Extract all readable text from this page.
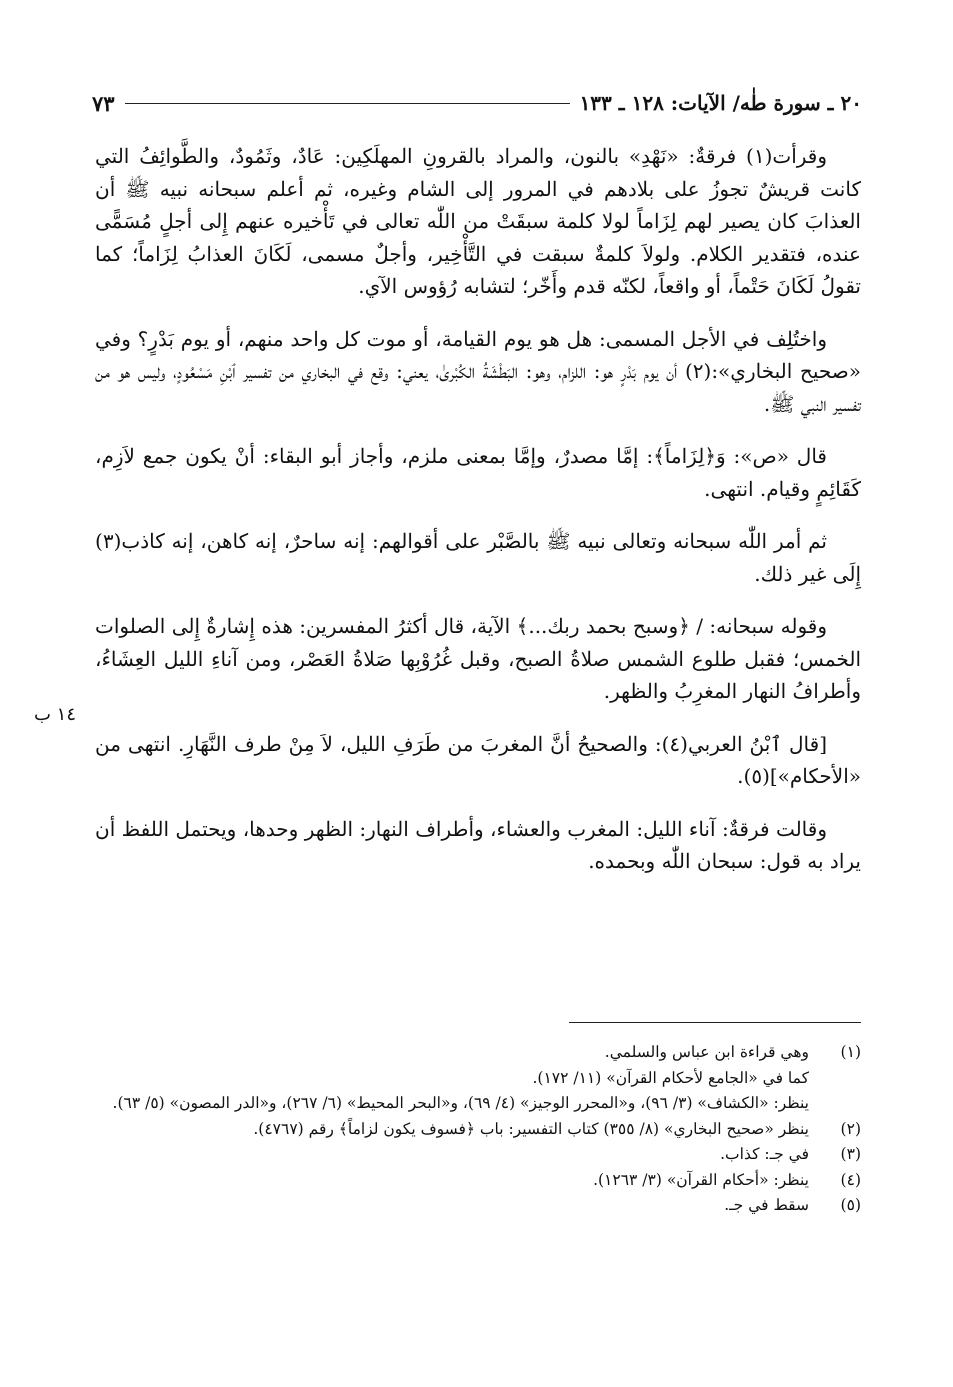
٢٠ ـ سورة طٰه/ الآيات: ١٢٨ ـ ١٣٣
٧٣
١٤ ب

وقرأت(١) فرقةٌ: «نَهْدِ» بالنون، والمراد بالقرونِ المهلَكِين: عَادٌ، وثَمُودٌ، والطَّوائِفُ التي كانت قريشٌ تجوزُ على بلادهم في المرور إلى الشام وغيره، ثم أعلم سبحانه نبيه ﷺ أن العذابَ كان يصير لهم لِزَاماً لولا كلمة سبقَتْ من اللّٰه تعالى في تَأْخيره عنهم إِلى أجلٍ مُسَمًّى عنده، فتقدير الكلام. ولولاَ كلمةٌ سبقت في التَّأْخِير، وأجلٌ مسمى، لَكَانَ العذابُ لِزَاماً؛ كما تقولُ لَكَانَ حَتْماً، أو واقعاً، لكنّه قدم وأَخّر؛ لتشابه رُؤوس الآي.

واختُلِف في الأجل المسمى: هل هو يوم القيامة، أو موت كل واحد منهم، أو يوم بَدْرٍ؟ وفي «صحيح البخاري»:(٢) أن يوم بَدْرٍ هو: اللزام، وهو: البَطْشَةُ الكُبْرىٰ، يعني: وقع في البخاري من تفسير ٱبْنِ مَسْعُودٍ، وليس هو من تفسير النبي ﷺ.

قال «ص»: وَ﴿لِزَاماً﴾: إمَّا مصدرٌ، وإمَّا بمعنى ملزم، وأجاز أبو البقاء: أنْ يكون جمع لاَزِم، كَقَائِمٍ وقيام. انتهى.

ثم أمر اللّٰه سبحانه وتعالى نبيه ﷺ بالصَّبْر على أقوالهم: إنه ساحرٌ، إنه كاهن، إنه كاذب(٣) إِلَى غير ذلك.

وقوله سبحانه: / ﴿وسبح بحمد ربك...﴾ الآية، قال أكثرُ المفسرين: هذه إِشارةٌ إِلى الصلوات الخمس؛ فقبل طلوع الشمس صلاةُ الصبح، وقبل غُرُوْبِها صَلاةُ العَصْر، ومن آناءِ الليل العِشَاءُ، وأطرافُ النهار المغرِبُ والظهر.

[قال ٱبْنُ العربي(٤): والصحيحُ أنَّ المغربَ من طَرَفِ الليل، لاَ مِنْ طرف النَّهَارِ. انتهى من «الأحكام»](٥).

وقالت فرقةٌ: آناء الليل: المغرب والعشاء، وأطراف النهار: الظهر وحدها، ويحتمل اللفظ أن يراد به قول: سبحان اللّٰه وبحمده.

(١)
وهي قراءة ابن عباس والسلمي.
كما في «الجامع لأحكام القرآن» (١١/ ١٧٢).
ينظر: «الكشاف» (٣/ ٩٦)، و«المحرر الوجيز» (٤/ ٦٩)، و«البحر المحيط» (٦/ ٢٦٧)، و«الدر المصون» (٥/ ٦٣).
(٢)
ينظر «صحيح البخاري» (٨/ ٣٥٥) كتاب التفسير: باب ﴿فسوف يكون لزاماً﴾ رقم (٤٧٦٧).
(٣)
في جـ: كذاب.
(٤)
ينظر: «أحكام القرآن» (٣/ ١٢٦٣).
(٥)
سقط في جـ.
